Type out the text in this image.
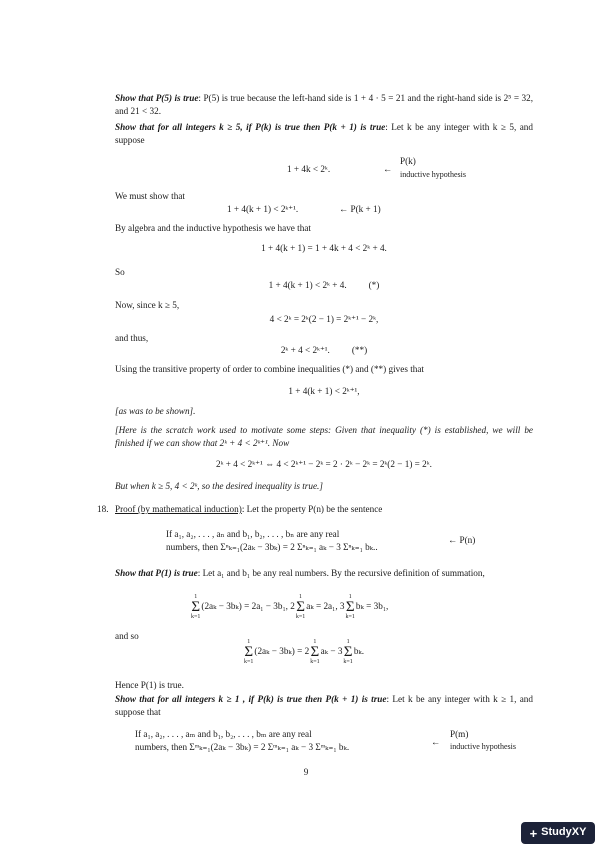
Show that P(5) is true: P(5) is true because the left-hand side is 1 + 4 · 5 = 21 and the right-hand side is 2⁵ = 32, and 21 < 32.
Show that for all integers k ≥ 5, if P(k) is true then P(k + 1) is true: Let k be any integer with k ≥ 5, and suppose
1 + 4k < 2ᵏ.	←
P(k)
inductive hypothesis
We must show that
1 + 4(k + 1) < 2ᵏ⁺¹.	← P(k + 1)
By algebra and the inductive hypothesis we have that
1 + 4(k + 1) = 1 + 4k + 4 < 2ᵏ + 4.
So
1 + 4(k + 1) < 2ᵏ + 4. (*)
Now, since k ≥ 5,
4 < 2ᵏ = 2ᵏ(2 − 1) = 2ᵏ⁺¹ − 2ᵏ,
and thus,
2ᵏ + 4 < 2ᵏ⁺¹. (**)
Using the transitive property of order to combine inequalities (*) and (**) gives that
1 + 4(k + 1) < 2ᵏ⁺¹,
[as was to be shown].
[Here is the scratch work used to motivate some steps: Given that inequality (*) is established, we will be finished if we can show that 2ᵏ + 4 < 2ᵏ⁺¹. Now
2ᵏ + 4 < 2ᵏ⁺¹ ⇔ 4 < 2ᵏ⁺¹ − 2ᵏ = 2 · 2ᵏ − 2ᵏ = 2ᵏ(2 − 1) = 2ᵏ.
But when k ≥ 5, 4 < 2ᵏ, so the desired inequality is true.]
18. Proof (by mathematical induction): Let the property P(n) be the sentence
If a₁, a₂, . . . , aₙ and b₁, b₂, . . . , bₙ are any real
numbers, then Σⁿₖ₌₁(2aₖ − 3bₖ) = 2 Σⁿₖ₌₁ aₖ − 3 Σⁿₖ₌₁ bₖ..
← P(n)
Show that P(1) is true: Let a₁ and b₁ be any real numbers. By the recursive definition of summation,
1
Σ
k=1
(2aₖ − 3bₖ) = 2a₁ − 3b₁, 2
1
Σ
k=1
aₖ = 2a₁, 3
1
Σ
k=1
bₖ = 3b₁,
and so
1
Σ
k=1
(2aₖ − 3bₖ) = 2
1
Σ
k=1
aₖ − 3
1
Σ
k=1
bₖ.
Hence P(1) is true.
Show that for all integers k ≥ 1 , if P(k) is true then P(k + 1) is true: Let k be any integer with k ≥ 1, and suppose that
If a₁, a₂, . . . , aₘ and b₁, b₂, . . . , bₘ are any real
numbers, then Σᵐₖ₌₁(2aₖ − 3bₖ) = 2 Σᵐₖ₌₁ aₖ − 3 Σᵐₖ₌₁ bₖ.	←
P(m)
inductive hypothesis
9
+ StudyXY
